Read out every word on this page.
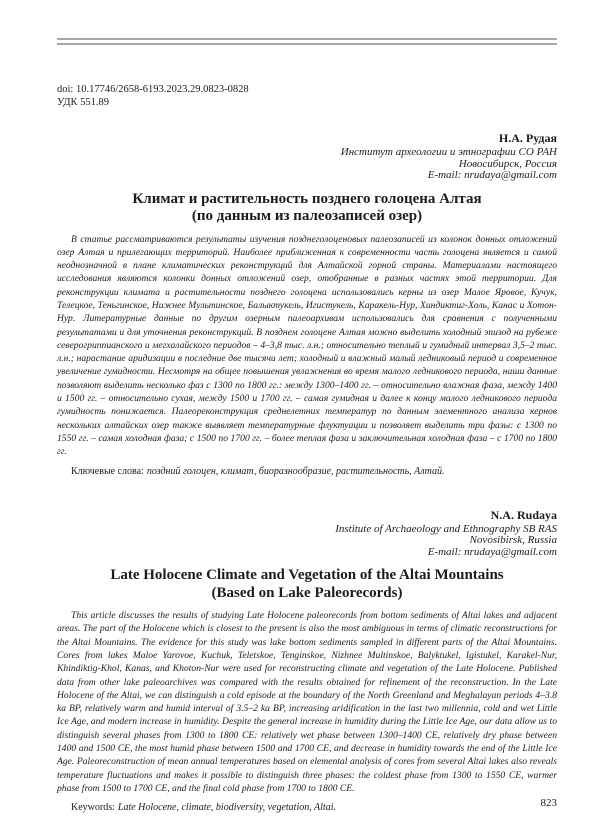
doi: 10.17746/2658-6193.2023.29.0823-0828
УДК 551.89
Н.А. Рудая
Институт археологии и этнографии СО РАН
Новосибирск, Россия
E-mail: nrudaya@gmail.com
Климат и растительность позднего голоцена Алтая
(по данным из палеозаписей озер)
В статье рассматриваются результаты изучения позднеголоценовых палеозаписей из колонок донных отложений озер Алтая и прилегающих территорий. Наиболее приближенная к современности часть голоцена является и самой неоднозначной в плане климатических реконструкций для Алтайской горной страны. Материалами настоящего исследования являются колонки донных отложений озер, отобранные в разных частях этой территории. Для реконструкции климата и растительности позднего голоцена использовались керны из озер Малое Яровое, Кучук, Телецкое, Теньгинское, Нижнее Мультинское, Балыктукель, Игистукель, Каракель-Нур, Хиндиктиг-Холь, Канас и Хотон-Нур. Литературные данные по другим озерным палеоархивам использовались для сравнения с полученными результатами и для уточнения реконструкций. В позднем голоцене Алтая можно выделить холодный эпизод на рубеже северогриппианского и мегхалайского периодов – 4–3,8 тыс. л.н.; относительно теплый и гумидный интервал 3,5–2 тыс. л.н.; нарастание аридизации в последние две тысячи лет; холодный и влажный малый ледниковый период и современное увеличение гумидности. Несмотря на общее повышения увлажнения во время малого ледникового периода, наши данные позволяют выделить несколько фаз с 1300 по 1800 гг.: между 1300–1400 гг. – относительно влажная фаза, между 1400 и 1500 гг. – относительно сухая, между 1500 и 1700 гг. – самая гумидная и далее к концу малого ледникового периода гумидность понижается. Палеореконструкция среднелетних температур по данным элементного анализа кернов нескольких алтайских озер также выявляет температурные флуктуации и позволяет выделить три фазы: с 1300 по 1550 гг. – самая холодная фаза; с 1500 по 1700 гг. – более теплая фаза и заключительная холодная фаза – с 1700 по 1800 гг.
Ключевые слова: поздний голоцен, климат, биоразнообразие, растительность, Алтай.
N.A. Rudaya
Institute of Archaeology and Ethnography SB RAS
Novosibirsk, Russia
E-mail: nrudaya@gmail.com
Late Holocene Climate and Vegetation of the Altai Mountains
(Based on Lake Paleorecords)
This article discusses the results of studying Late Holocene paleorecords from bottom sediments of Altai lakes and adjacent areas. The part of the Holocene which is closest to the present is also the most ambiguous in terms of climatic reconstructions for the Altai Mountains. The evidence for this study was lake bottom sediments sampled in different parts of the Altai Mountains. Cores from lakes Maloe Yarovoe, Kuchuk, Teletskoe, Tenginskoe, Nizhnee Multinskoe, Balyktukel, Igistukel, Karakel-Nur, Khindiktig-Khol, Kanas, and Khoton-Nur were used for reconstructing climate and vegetation of the Late Holocene. Published data from other lake paleoarchives was compared with the results obtained for refinement of the reconstruction. In the Late Holocene of the Altai, we can distinguish a cold episode at the boundary of the North Greenland and Meghalayan periods 4–3.8 ka BP, relatively warm and humid interval of 3.5–2 ka BP, increasing aridification in the last two millennia, cold and wet Little Ice Age, and modern increase in humidity. Despite the general increase in humidity during the Little Ice Age, our data allow us to distinguish several phases from 1300 to 1800 CE: relatively wet phase between 1300–1400 CE, relatively dry phase between 1400 and 1500 CE, the most humid phase between 1500 and 1700 CE, and decrease in humidity towards the end of the Little Ice Age. Paleoreconstruction of mean annual temperatures based on elemental analysis of cores from several Altai lakes also reveals temperature fluctuations and makes it possible to distinguish three phases: the coldest phase from 1300 to 1550 CE, warmer phase from 1500 to 1700 CE, and the final cold phase from 1700 to 1800 CE.
Keywords: Late Holocene, climate, biodiversity, vegetation, Altai.	823
